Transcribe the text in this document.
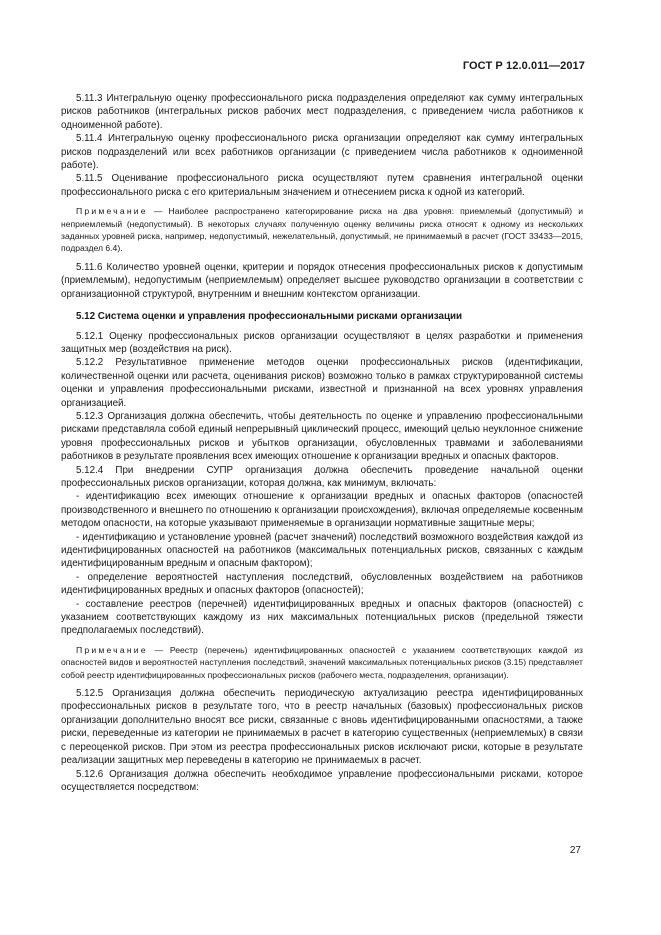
ГОСТ Р 12.0.011—2017

5.11.3 Интегральную оценку профессионального риска подразделения определяют как сумму интегральных рисков работников (интегральных рисков рабочих мест подразделения, с приведением числа работников к одноименной работе).

5.11.4 Интегральную оценку профессионального риска организации определяют как сумму интегральных рисков подразделений или всех работников организации (с приведением числа работников к одноименной работе).

5.11.5 Оценивание профессионального риска осуществляют путем сравнения интегральной оценки профессионального риска с его критериальным значением и отнесением риска к одной из категорий.

Примечание — Наиболее распространено категорирование риска на два уровня: приемлемый (допустимый) и неприемлемый (недопустимый). В некоторых случаях полученную оценку величины риска относят к одному из нескольких заданных уровней риска, например, недопустимый, нежелательный, допустимый, не принимаемый в расчет (ГОСТ 33433—2015, подраздел 6.4).

5.11.6 Количество уровней оценки, критерии и порядок отнесения профессиональных рисков к допустимым (приемлемым), недопустимым (неприемлемым) определяет высшее руководство организации в соответствии с организационной структурой, внутренним и внешним контекстом организации.

5.12 Система оценки и управления профессиональными рисками организации

5.12.1 Оценку профессиональных рисков организации осуществляют в целях разработки и применения защитных мер (воздействия на риск).

5.12.2 Результативное применение методов оценки профессиональных рисков (идентификации, количественной оценки или расчета, оценивания рисков) возможно только в рамках структурированной системы оценки и управления профессиональными рисками, известной и признанной на всех уровнях управления организацией.

5.12.3 Организация должна обеспечить, чтобы деятельность по оценке и управлению профессиональными рисками представляла собой единый непрерывный циклический процесс, имеющий целью неуклонное снижение уровня профессиональных рисков и убытков организации, обусловленных травмами и заболеваниями работников в результате проявления всех имеющих отношение к организации вредных и опасных факторов.

5.12.4 При внедрении СУПР организация должна обеспечить проведение начальной оценки профессиональных рисков организации, которая должна, как минимум, включать:

- идентификацию всех имеющих отношение к организации вредных и опасных факторов (опасностей производственного и внешнего по отношению к организации происхождения), включая определяемые косвенным методом опасности, на которые указывают применяемые в организации нормативные защитные меры;

- идентификацию и установление уровней (расчет значений) последствий возможного воздействия каждой из идентифицированных опасностей на работников (максимальных потенциальных рисков, связанных с каждым идентифицированным вредным и опасным фактором);

- определение вероятностей наступления последствий, обусловленных воздействием на работников идентифицированных вредных и опасных факторов (опасностей);

- составление реестров (перечней) идентифицированных вредных и опасных факторов (опасностей) с указанием соответствующих каждому из них максимальных потенциальных рисков (предельной тяжести предполагаемых последствий).

Примечание — Реестр (перечень) идентифицированных опасностей с указанием соответствующих каждой из опасностей видов и вероятностей наступления последствий, значений максимальных потенциальных рисков (3.15) представляет собой реестр идентифицированных профессиональных рисков (рабочего места, подразделения, организации).

5.12.5 Организация должна обеспечить периодическую актуализацию реестра идентифицированных профессиональных рисков в результате того, что в реестр начальных (базовых) профессиональных рисков организации дополнительно вносят все риски, связанные с вновь идентифицированными опасностями, а также риски, переведенные из категории не принимаемых в расчет в категорию существенных (неприемлемых) в связи с переоценкой рисков. При этом из реестра профессиональных рисков исключают риски, которые в результате реализации защитных мер переведены в категорию не принимаемых в расчет.

5.12.6 Организация должна обеспечить необходимое управление профессиональными рисками, которое осуществляется посредством:

27
